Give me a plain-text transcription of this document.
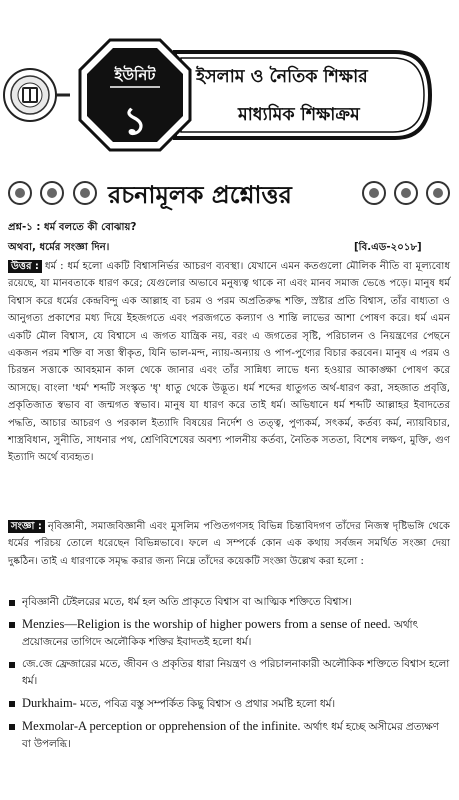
ইউনিট
১
ইসলাম ও নৈতিক শিক্ষার
মাধ্যমিক শিক্ষাক্রম
রচনামূলক প্রশ্নোত্তর
প্রশ্ন-১ : ধর্ম বলতে কী বোঝায়?
অথবা, ধর্মের সংজ্ঞা দিন।	[বি.এড-২০১৮]
উত্তর : ধর্ম : ধর্ম হলো একটি বিশ্বাসনির্ভর আচরণ ব্যবস্থা। যেখানে এমন কতগুলো মৌলিক নীতি বা মূল্যবোধ রয়েছে, যা মানবতাকে ধারণ করে; যেগুলোর অভাবে মনুষ্যত্ব থাকে না এবং মানব সমাজ ভেঙে পড়ে। মানুষ ধর্ম বিশ্বাস করে ধর্মের কেন্দ্রবিন্দু এক আল্লাহ বা চরম ও পরম অপ্রতিরুদ্ধ শক্তি, স্রষ্টার প্রতি বিশ্বাস, তাঁর বাধ্যতা ও আনুগত্য প্রকাশের মধ্য দিয়ে ইহজগতে এবং পরজগতে কল্যাণ ও শান্তি লাভের আশা পোষণ করে। ধর্ম এমন একটি মৌল বিশ্বাস, যে বিশ্বাসে এ জগত যান্ত্রিক নয়, বরং এ জগতের সৃষ্টি, পরিচালন ও নিয়ন্ত্রণের পেছনে একজন পরম শক্তি বা সত্তা স্বীকৃত, যিনি ভাল-মন্দ, ন্যায়-অন্যায় ও পাপ-পুণ্যের বিচার করবেন। মানুষ এ পরম ও চিরন্তন সত্তাকে আবহমান কাল থেকে জানার এবং তাঁর সান্নিধ্য লাভে ধন্য হওয়ার আকাঙ্ক্ষা পোষণ করে আসছে। বাংলা 'ধর্ম' শব্দটি সংস্কৃত 'ধৃ' ধাতু থেকে উদ্ভূত। ধর্ম শব্দের ধাতুগত অর্থ-ধারণ করা, সহজাত প্রবৃত্তি, প্রকৃতিজাত স্বভাব বা জন্মগত স্বভাব। মানুষ যা ধারণ করে তাই ধর্ম। অভিধানে ধর্ম শব্দটি আল্লাহর ইবাদতের পদ্ধতি, আচার আচরণ ও পরকাল ইত্যাদি বিষয়ের নির্দেশ ও তত্ত্ব, পুণ্যকর্ম, সৎকর্ম, কর্তব্য কর্ম, ন্যায়বিচার, শাস্ত্রবিধান, সুনীতি, সাধনার পথ, শ্রেণিবিশেষের অবশ্য পালনীয় কর্তব্য, নৈতিক সততা, বিশেষ লক্ষণ, মুক্তি, গুণ ইত্যাদি অর্থে ব্যবহৃত।
সংজ্ঞা : নৃবিজ্ঞানী, সমাজবিজ্ঞানী এবং মুসলিম পণ্ডিতগণসহ বিভিন্ন চিন্তাবিদগণ তাঁদের নিজস্ব দৃষ্টিভঙ্গি থেকে ধর্মের পরিচয় তোলে ধরেছেন বিভিন্নভাবে। ফলে এ সম্পর্কে কোন এক কথায় সর্বজন সমর্থিত সংজ্ঞা দেয়া দুষ্কঠিন। তাই এ ধারণাকে সমৃদ্ধ করার জন্য নিম্নে তাঁদের কয়েকটি সংজ্ঞা উল্লেখ করা হলো :
নৃবিজ্ঞানী টেইলরের মতে, ধর্ম হল অতি প্রাকৃতে বিশ্বাস বা আত্মিক শক্তিতে বিশ্বাস।
Menzies—Religion is the worship of higher powers from a sense of need. অর্থাৎ প্রয়োজনের তাগিদে অলৌকিক শক্তির ইবাদতই হলো ধর্ম।
জে.জে ফ্রেজারের মতে, জীবন ও প্রকৃতির ধারা নিয়ন্ত্রণ ও পরিচালনাকারী অলৌকিক শক্তিতে বিশ্বাস হলো ধর্ম।
Durkhaim- মতে, পবিত্র বস্তু সম্পর্কিত কিছু বিশ্বাস ও প্রথার সমষ্টি হলো ধর্ম।
Mexmolar-A perception or opprehension of the infinite. অর্থাৎ ধর্ম হচ্ছে অসীমের প্রত্যক্ষণ বা উপলব্ধি।
